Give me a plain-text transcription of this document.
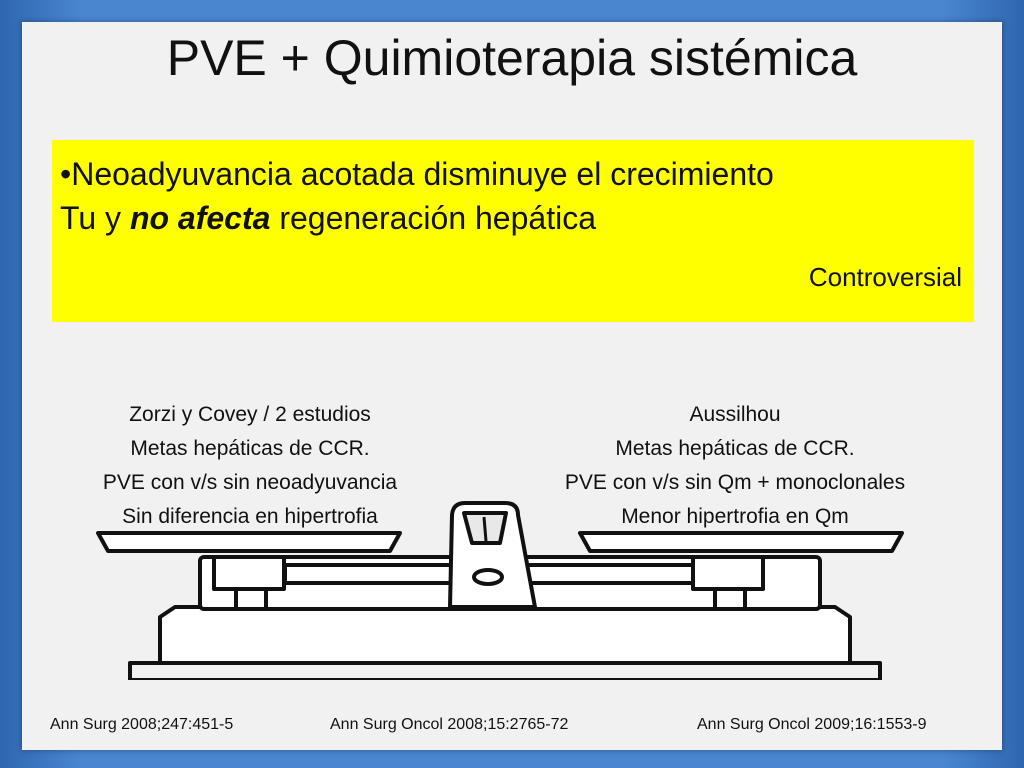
PVE + Quimioterapia sistémica
•Neoadyuvancia acotada disminuye el crecimiento
Tu y no afecta regeneración hepática
Controversial
Zorzi y Covey / 2 estudios
Metas hepáticas de CCR.
PVE con v/s sin neoadyuvancia
Sin diferencia en hipertrofia
Aussilhou
Metas hepáticas de CCR.
PVE con v/s sin Qm + monoclonales
Menor hipertrofia en Qm
Ann Surg 2008;247:451-5	Ann Surg Oncol 2008;15:2765-72	Ann Surg Oncol 2009;16:1553-9
